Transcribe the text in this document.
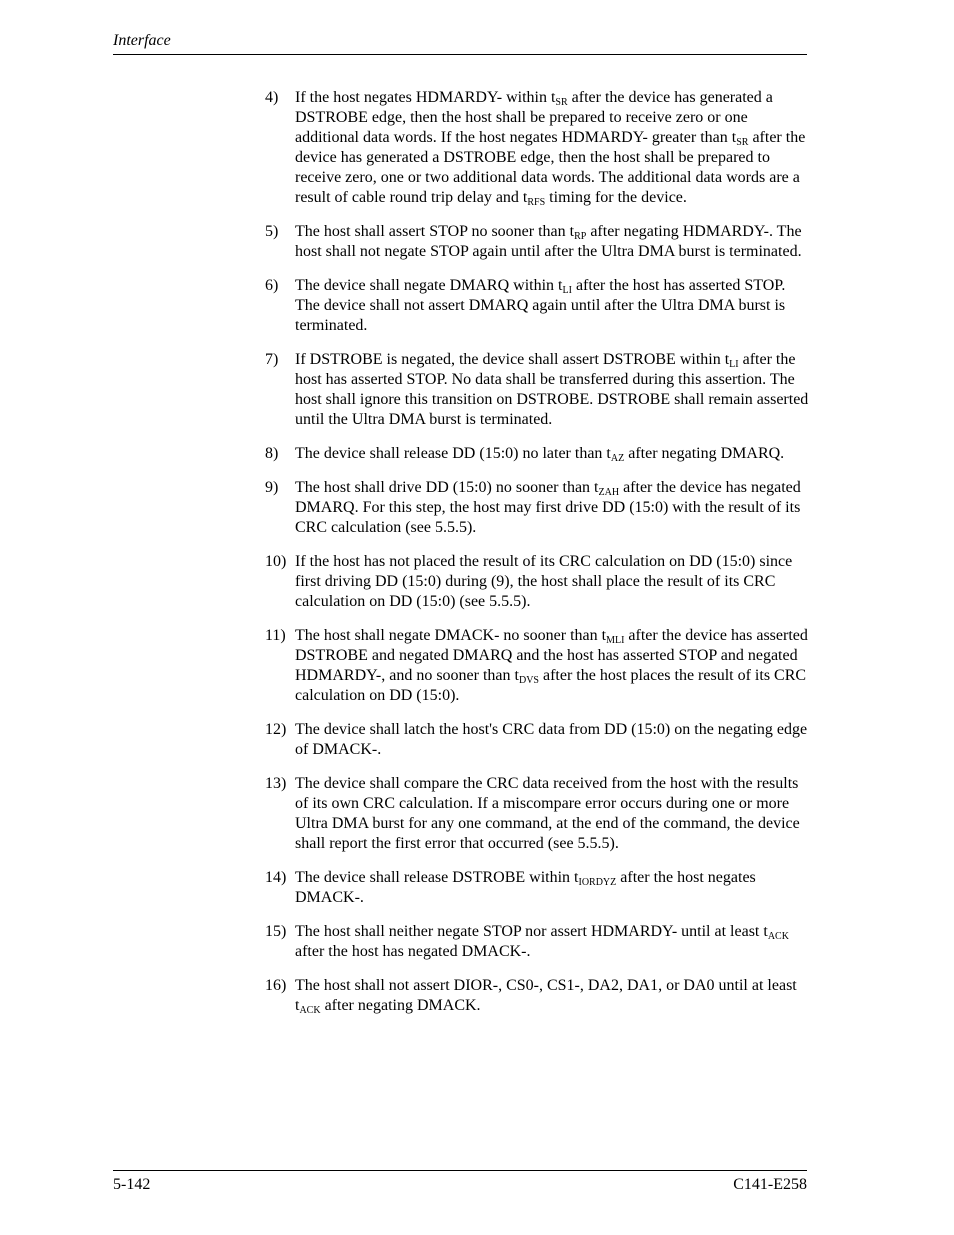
Interface
4)	If the host negates HDMARDY- within $t_{SR}$ after the device has generated a DSTROBE edge, then the host shall be prepared to receive zero or one additional data words. If the host negates HDMARDY- greater than $t_{SR}$ after the device has generated a DSTROBE edge, then the host shall be prepared to receive zero, one or two additional data words. The additional data words are a result of cable round trip delay and $t_{RFS}$ timing for the device.
5)	The host shall assert STOP no sooner than $t_{RP}$ after negating HDMARDY-. The host shall not negate STOP again until after the Ultra DMA burst is terminated.
6)	The device shall negate DMARQ within $t_{LI}$ after the host has asserted STOP. The device shall not assert DMARQ again until after the Ultra DMA burst is terminated.
7)	If DSTROBE is negated, the device shall assert DSTROBE within $t_{LI}$ after the host has asserted STOP. No data shall be transferred during this assertion. The host shall ignore this transition on DSTROBE. DSTROBE shall remain asserted until the Ultra DMA burst is terminated.
8)	The device shall release DD (15:0) no later than $t_{AZ}$ after negating DMARQ.
9)	The host shall drive DD (15:0) no sooner than $t_{ZAH}$ after the device has negated DMARQ. For this step, the host may first drive DD (15:0) with the result of its CRC calculation (see 5.5.5).
10) If the host has not placed the result of its CRC calculation on DD (15:0) since first driving DD (15:0) during (9), the host shall place the result of its CRC calculation on DD (15:0) (see 5.5.5).
11) The host shall negate DMACK- no sooner than $t_{MLI}$ after the device has asserted DSTROBE and negated DMARQ and the host has asserted STOP and negated HDMARDY-, and no sooner than $t_{DVS}$ after the host places the result of its CRC calculation on DD (15:0).
12) The device shall latch the host's CRC data from DD (15:0) on the negating edge of DMACK-.
13) The device shall compare the CRC data received from the host with the results of its own CRC calculation. If a miscompare error occurs during one or more Ultra DMA burst for any one command, at the end of the command, the device shall report the first error that occurred (see 5.5.5).
14) The device shall release DSTROBE within $t_{IORDYZ}$ after the host negates DMACK-.
15) The host shall neither negate STOP nor assert HDMARDY- until at least $t_{ACK}$ after the host has negated DMACK-.
16) The host shall not assert DIOR-, CS0-, CS1-, DA2, DA1, or DA0 until at least $t_{ACK}$ after negating DMACK.
5-142	C141-E258
